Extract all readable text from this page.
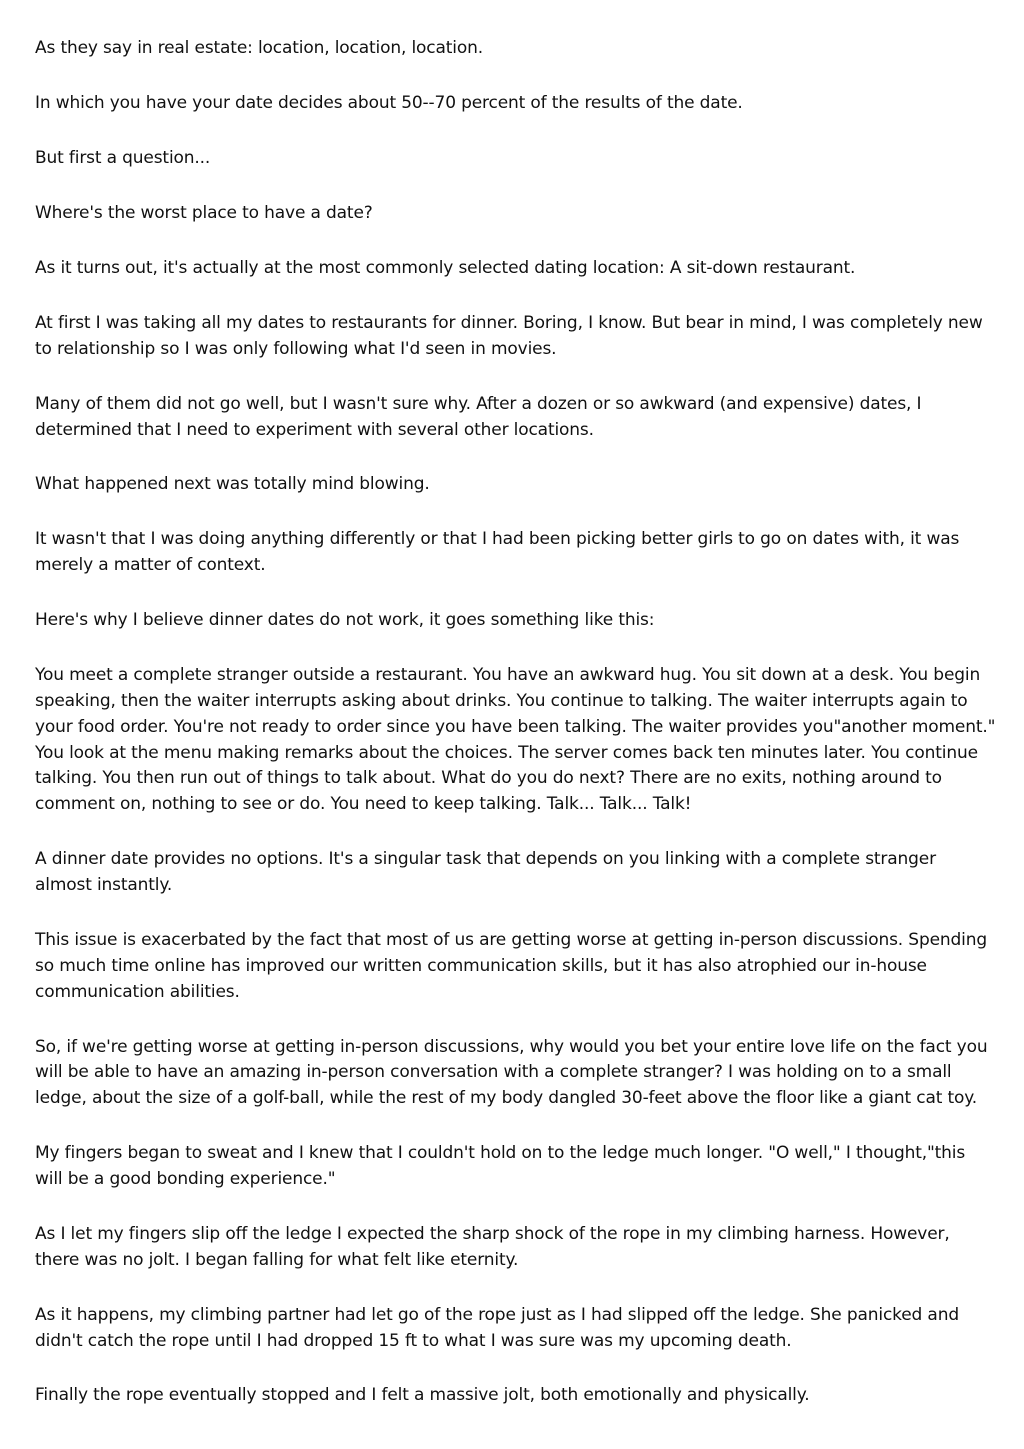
As they say in real estate: location, location, location.

In which you have your date decides about 50--70 percent of the results of the date.

But first a question...

Where's the worst place to have a date?

As it turns out, it's actually at the most commonly selected dating location: A sit-down restaurant.

At first I was taking all my dates to restaurants for dinner. Boring, I know. But bear in mind, I was completely new to relationship so I was only following what I'd seen in movies.

Many of them did not go well, but I wasn't sure why. After a dozen or so awkward (and expensive) dates, I determined that I need to experiment with several other locations.

What happened next was totally mind blowing.

It wasn't that I was doing anything differently or that I had been picking better girls to go on dates with, it was merely a matter of context.

Here's why I believe dinner dates do not work, it goes something like this:

You meet a complete stranger outside a restaurant. You have an awkward hug. You sit down at a desk. You begin speaking, then the waiter interrupts asking about drinks. You continue to talking. The waiter interrupts again to your food order. You're not ready to order since you have been talking. The waiter provides you"another moment." You look at the menu making remarks about the choices. The server comes back ten minutes later. You continue talking. You then run out of things to talk about. What do you do next? There are no exits, nothing around to comment on, nothing to see or do. You need to keep talking. Talk... Talk... Talk!

A dinner date provides no options. It's a singular task that depends on you linking with a complete stranger almost instantly.

This issue is exacerbated by the fact that most of us are getting worse at getting in-person discussions. Spending so much time online has improved our written communication skills, but it has also atrophied our in-house communication abilities.

So, if we're getting worse at getting in-person discussions, why would you bet your entire love life on the fact you will be able to have an amazing in-person conversation with a complete stranger? I was holding on to a small ledge, about the size of a golf-ball, while the rest of my body dangled 30-feet above the floor like a giant cat toy.

My fingers began to sweat and I knew that I couldn't hold on to the ledge much longer. "O well," I thought,"this will be a good bonding experience."

As I let my fingers slip off the ledge I expected the sharp shock of the rope in my climbing harness. However, there was no jolt. I began falling for what felt like eternity.

As it happens, my climbing partner had let go of the rope just as I had slipped off the ledge. She panicked and didn't catch the rope until I had dropped 15 ft to what I was sure was my upcoming death.

Finally the rope eventually stopped and I felt a massive jolt, both emotionally and physically.
